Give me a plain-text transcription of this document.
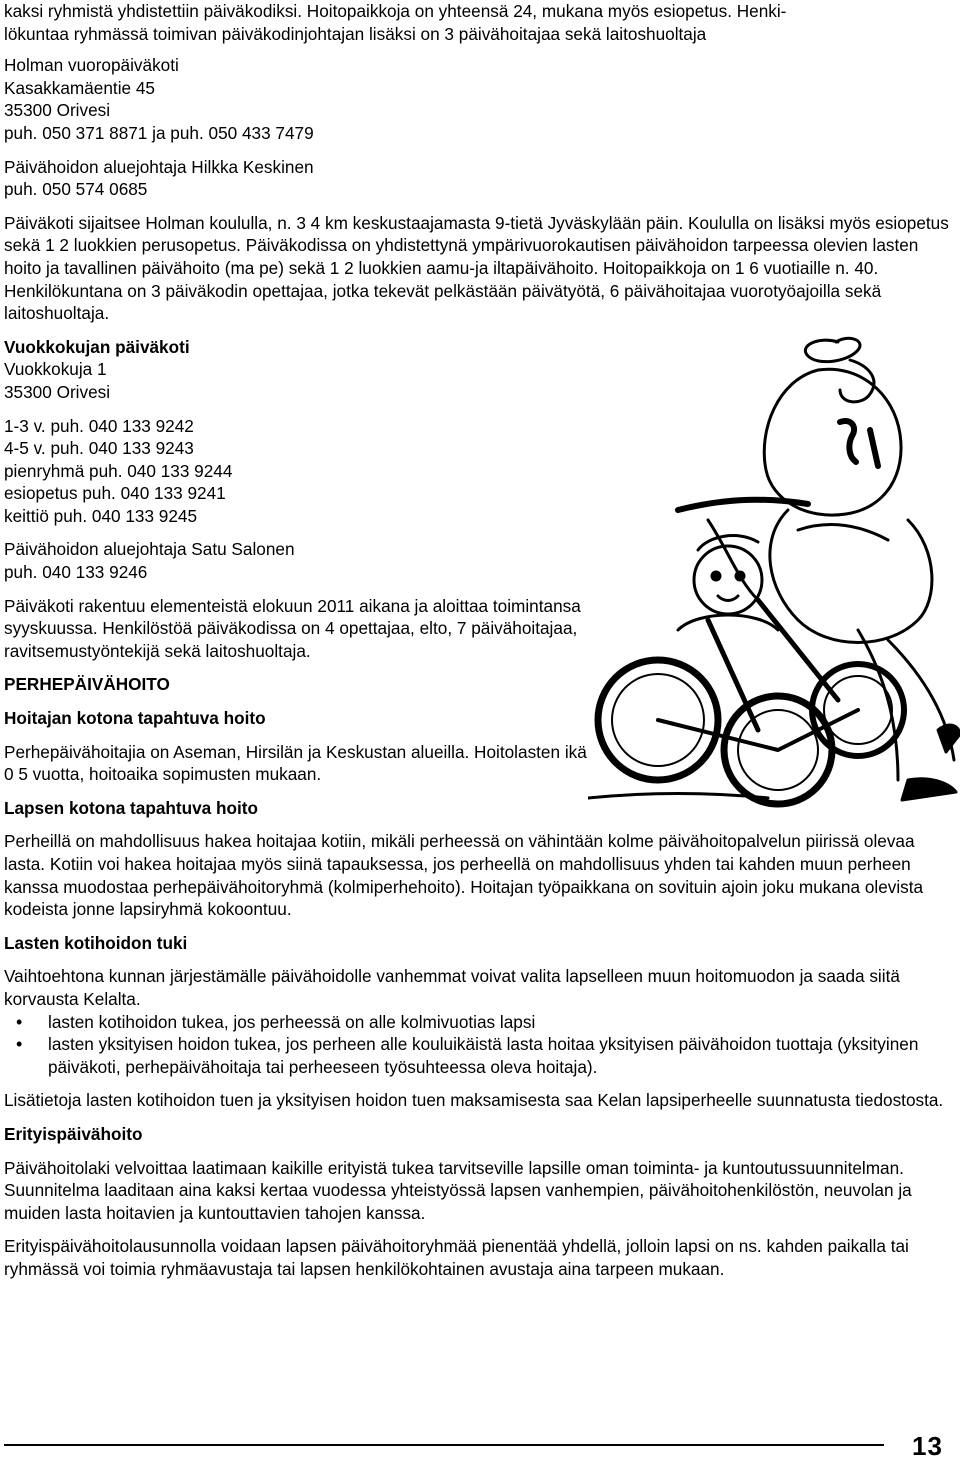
kaksi ryhmistä yhdistettiin päiväkodiksi. Hoitopaikkoja on yhteensä 24, mukana myös esiopetus. Henki-

lökuntaa ryhmässä toimivan päiväkodinjohtajan lisäksi on 3 päivähoitajaa sekä laitoshuoltaja

Holman vuoropäiväkoti

Kasakkamäentie 45

35300 Orivesi

puh. 050 371 8871 ja puh. 050 433 7479

Päivähoidon aluejohtaja Hilkka Keskinen

puh. 050 574 0685

Päiväkoti sijaitsee Holman koululla, n. 3 4 km keskustaajamasta 9-tietä Jyväskylään päin. Koululla on lisäksi myös esiopetus sekä 1 2 luokkien perusopetus. Päiväkodissa on yhdistettynä ympärivuorokautisen päivähoidon tarpeessa olevien lasten hoito ja tavallinen päivähoito (ma pe) sekä 1 2 luokkien aamu-ja iltapäivähoito. Hoitopaikkoja on 1 6 vuotiaille n. 40. Henkilökuntana on 3 päiväkodin opettajaa, jotka tekevät pelkästään päivätyötä, 6 päivähoitajaa vuorotyöajoilla sekä laitoshuoltaja.

Vuokkokujan päiväkoti

Vuokkokuja 1

35300 Orivesi

1-3 v. puh. 040 133 9242

4-5 v. puh. 040 133 9243

pienryhmä puh. 040 133 9244

esiopetus puh. 040 133 9241

keittiö puh. 040 133 9245

Päivähoidon aluejohtaja Satu Salonen

puh. 040 133 9246

Päiväkoti rakentuu elementeistä elokuun 2011 aikana ja aloittaa toimintansa syyskuussa. Henkilöstöä päiväkodissa on 4 opettajaa, elto, 7 päivähoitajaa, ravitsemustyöntekijä sekä laitoshuoltaja.

PERHEPÄIVÄHOITO

Hoitajan kotona tapahtuva hoito

Perhepäivähoitajia on Aseman, Hirsilän ja Keskustan alueilla. Hoitolasten ikä 0 5 vuotta, hoitoaika sopimusten mukaan.

Lapsen kotona tapahtuva hoito

Perheillä on mahdollisuus hakea hoitajaa kotiin, mikäli perheessä on vähintään kolme päivähoitopalvelun piirissä olevaa lasta. Kotiin voi hakea hoitajaa myös siinä tapauksessa, jos perheellä on mahdollisuus yhden tai kahden muun perheen kanssa muodostaa perhepäivähoitoryhmä (kolmiperhehoito). Hoitajan työpaikkana on sovituin ajoin joku mukana olevista kodeista jonne lapsiryhmä kokoontuu.

Lasten kotihoidon tuki

Vaihtoehtona kunnan järjestämälle päivähoidolle vanhemmat voivat valita lapselleen muun hoitomuodon ja saada siitä korvausta Kelalta.

• lasten kotihoidon tukea, jos perheessä on alle kolmivuotias lapsi
• lasten yksityisen hoidon tukea, jos perheen alle kouluikäistä lasta hoitaa yksityisen päivähoidon tuottaja (yksityinen päiväkoti, perhepäivähoitaja tai perheeseen työsuhteessa oleva hoitaja).

Lisätietoja lasten kotihoidon tuen ja yksityisen hoidon tuen maksamisesta saa Kelan lapsiperheelle suunnatusta tiedostosta.

Erityispäivähoito

Päivähoitolaki velvoittaa laatimaan kaikille erityistä tukea tarvitseville lapsille oman toiminta- ja kuntoutussuunnitelman. Suunnitelma laaditaan aina kaksi kertaa vuodessa yhteistyössä lapsen vanhempien, päivähoitohenkilöstön, neuvolan ja muiden lasta hoitavien ja kuntouttavien tahojen kanssa.

Erityispäivähoitolausunnolla voidaan lapsen päivähoitoryhmää pienentää yhdellä, jolloin lapsi on ns. kahden paikalla tai ryhmässä voi toimia ryhmäavustaja tai lapsen henkilökohtainen avustaja aina tarpeen mukaan.

13
